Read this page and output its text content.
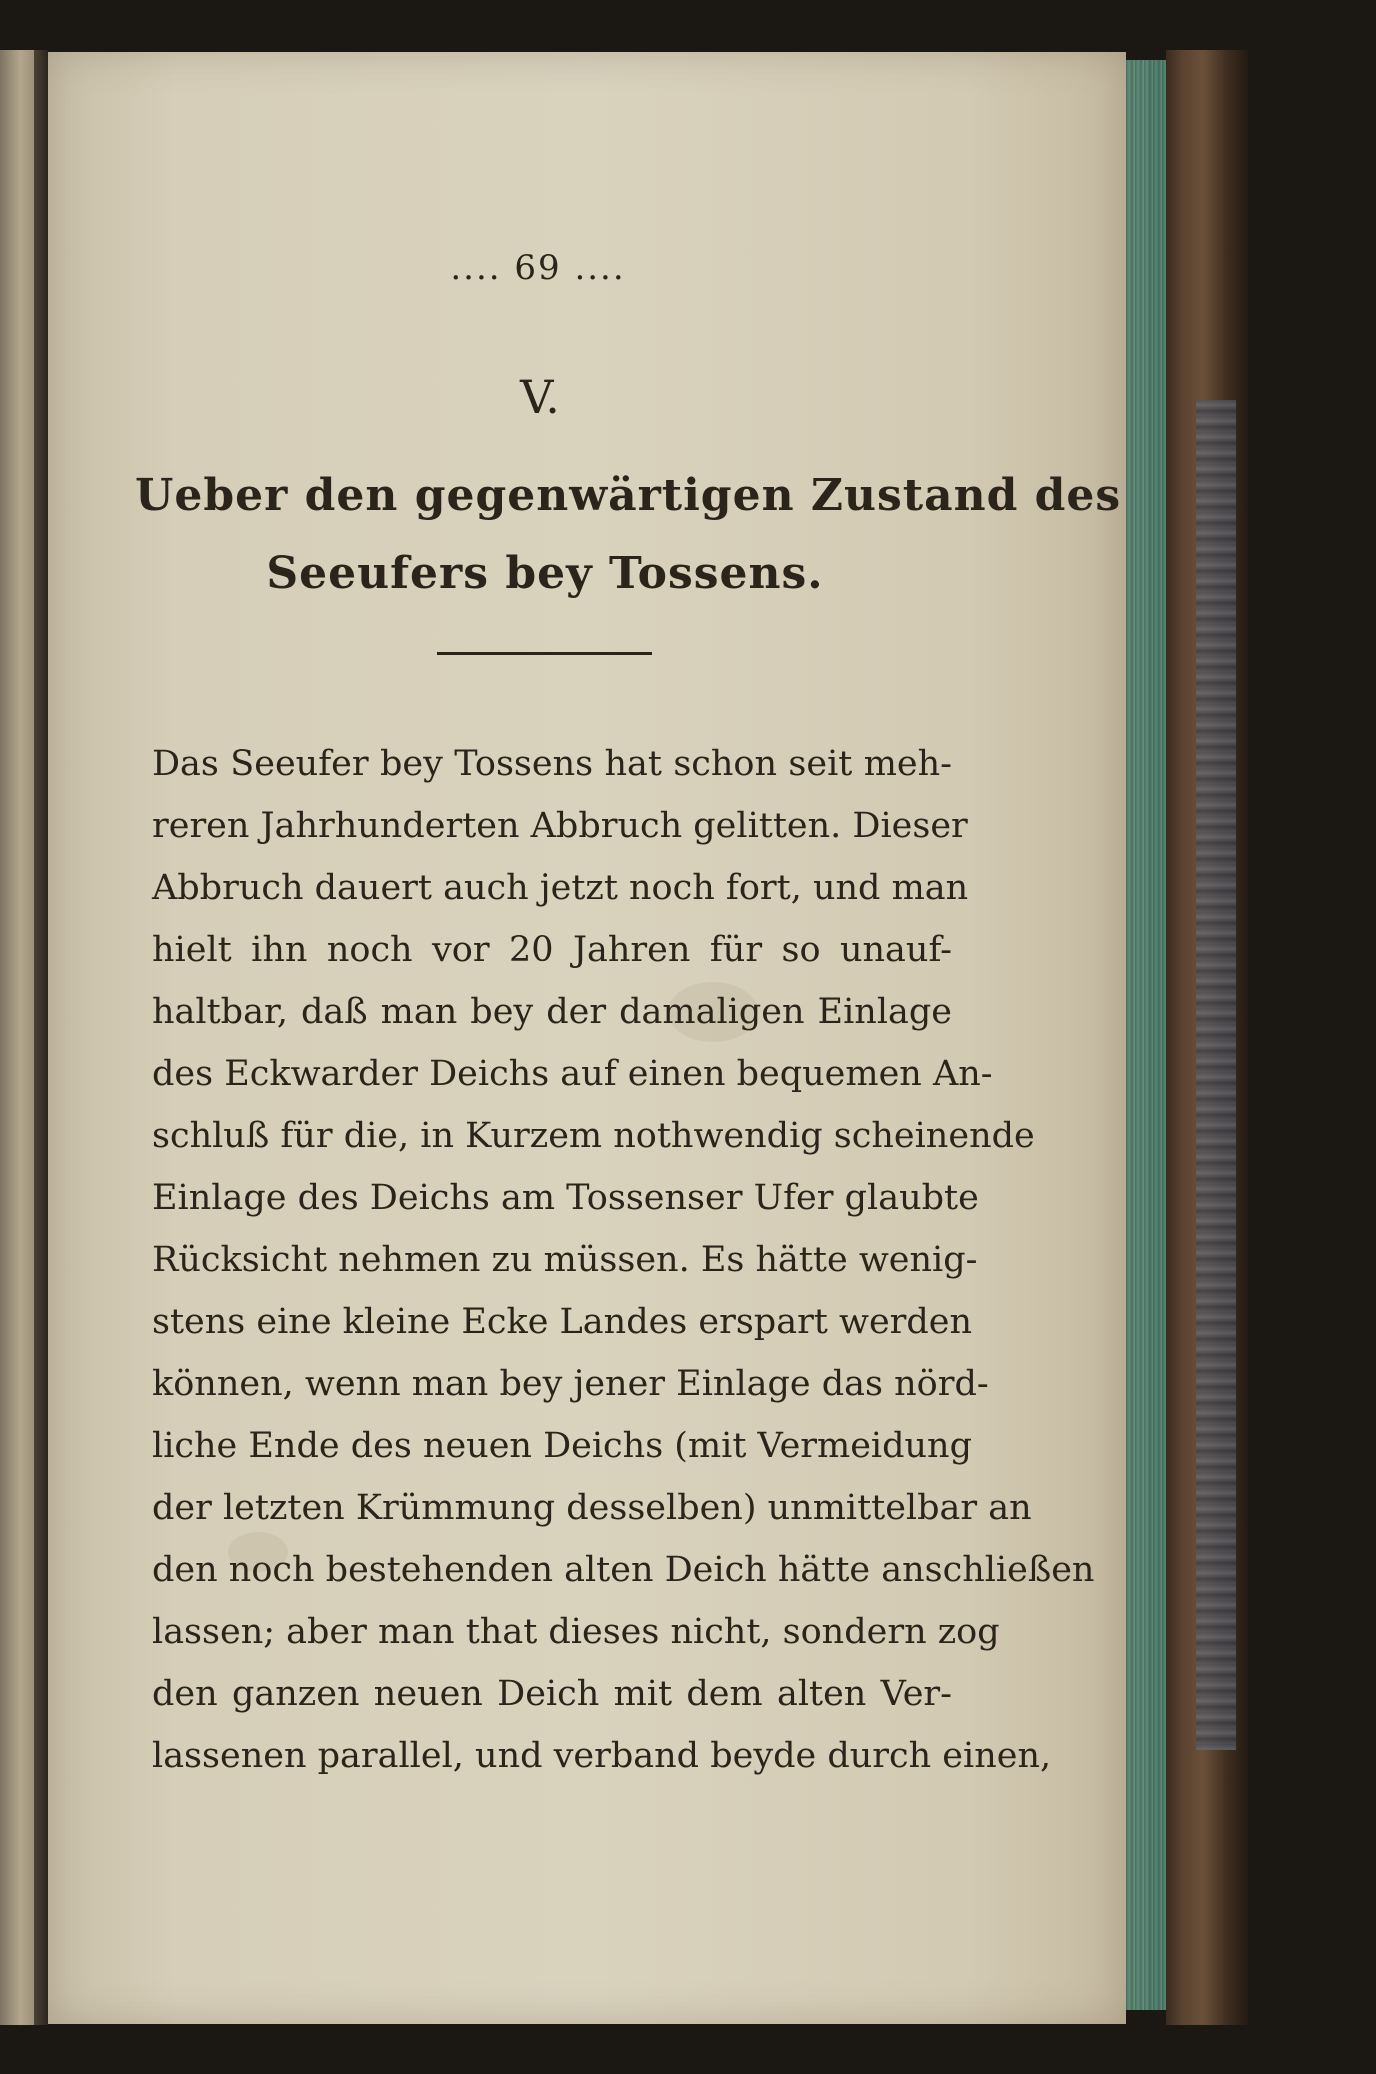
.... 69 ....
V.
Ueber den gegenwärtigen Zustand des
Seeufers bey Tossens.
Das Seeufer bey Tossens hat schon seit meh-
reren Jahrhunderten Abbruch gelitten. Dieser
Abbruch dauert auch jetzt noch fort, und man
hielt ihn noch vor 20 Jahren für so unauf-
haltbar, daß man bey der damaligen Einlage
des Eckwarder Deichs auf einen bequemen An-
schluß für die, in Kurzem nothwendig scheinende
Einlage des Deichs am Tossenser Ufer glaubte
Rücksicht nehmen zu müssen. Es hätte wenig-
stens eine kleine Ecke Landes erspart werden
können, wenn man bey jener Einlage das nörd-
liche Ende des neuen Deichs (mit Vermeidung
der letzten Krümmung desselben) unmittelbar an
den noch bestehenden alten Deich hätte anschließen
lassen; aber man that dieses nicht, sondern zog
den ganzen neuen Deich mit dem alten Ver-
lassenen parallel, und verband beyde durch einen,
